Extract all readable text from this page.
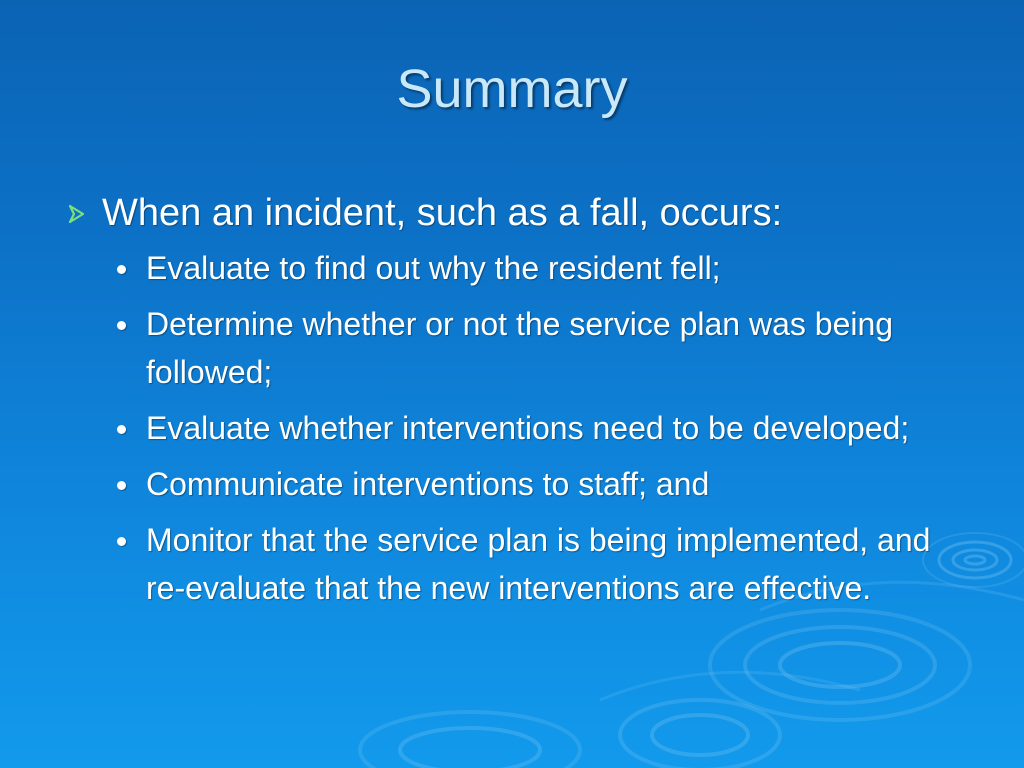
Summary
When an incident, such as a fall, occurs:
Evaluate to find out why the resident fell;
Determine whether or not the service plan was being followed;
Evaluate whether interventions need to be developed;
Communicate interventions to staff; and
Monitor that the service plan is being implemented, and re-evaluate that the new interventions are effective.
